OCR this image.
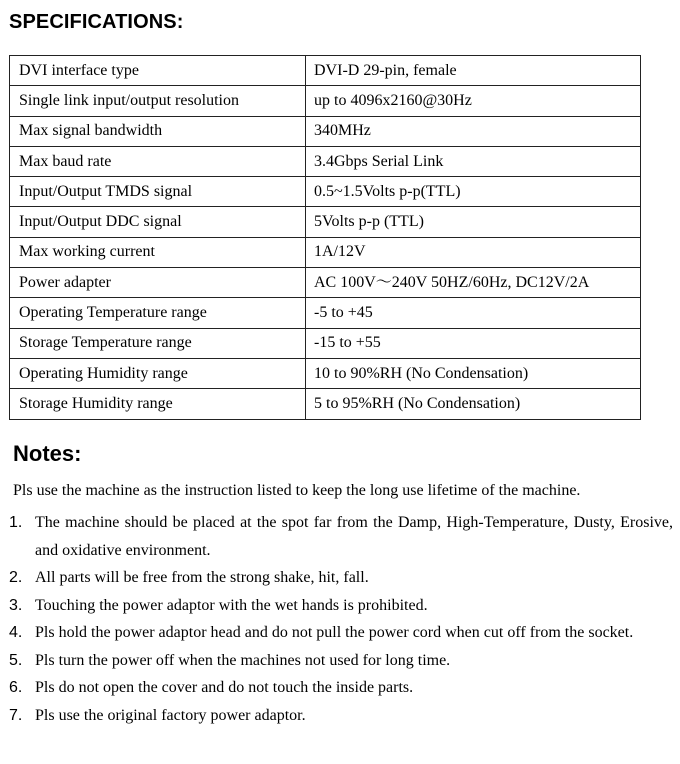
SPECIFICATIONS:
DVI interface type	DVI-D 29-pin, female
Single link input/output resolution	up to 4096x2160@30Hz
Max signal bandwidth	340MHz
Max baud rate	3.4Gbps Serial Link
Input/Output TMDS signal	0.5~1.5Volts p-p(TTL)
Input/Output DDC signal	5Volts p-p (TTL)
Max working current	1A/12V
Power adapter	AC 100V～240V 50HZ/60Hz, DC12V/2A
Operating Temperature range	-5 to +45
Storage Temperature range	-15 to +55
Operating Humidity range	10 to 90%RH (No Condensation)
Storage Humidity range	5 to 95%RH (No Condensation)
Notes:

Pls use the machine as the instruction listed to keep the long use lifetime of the machine.

1. The machine should be placed at the spot far from the Damp, High-Temperature, Dusty, Erosive, and oxidative environment.
2. All parts will be free from the strong shake, hit, fall.
3. Touching the power adaptor with the wet hands is prohibited.
4. Pls hold the power adaptor head and do not pull the power cord when cut off from the socket.
5. Pls turn the power off when the machines not used for long time.
6. Pls do not open the cover and do not touch the inside parts.
7. Pls use the original factory power adaptor.
